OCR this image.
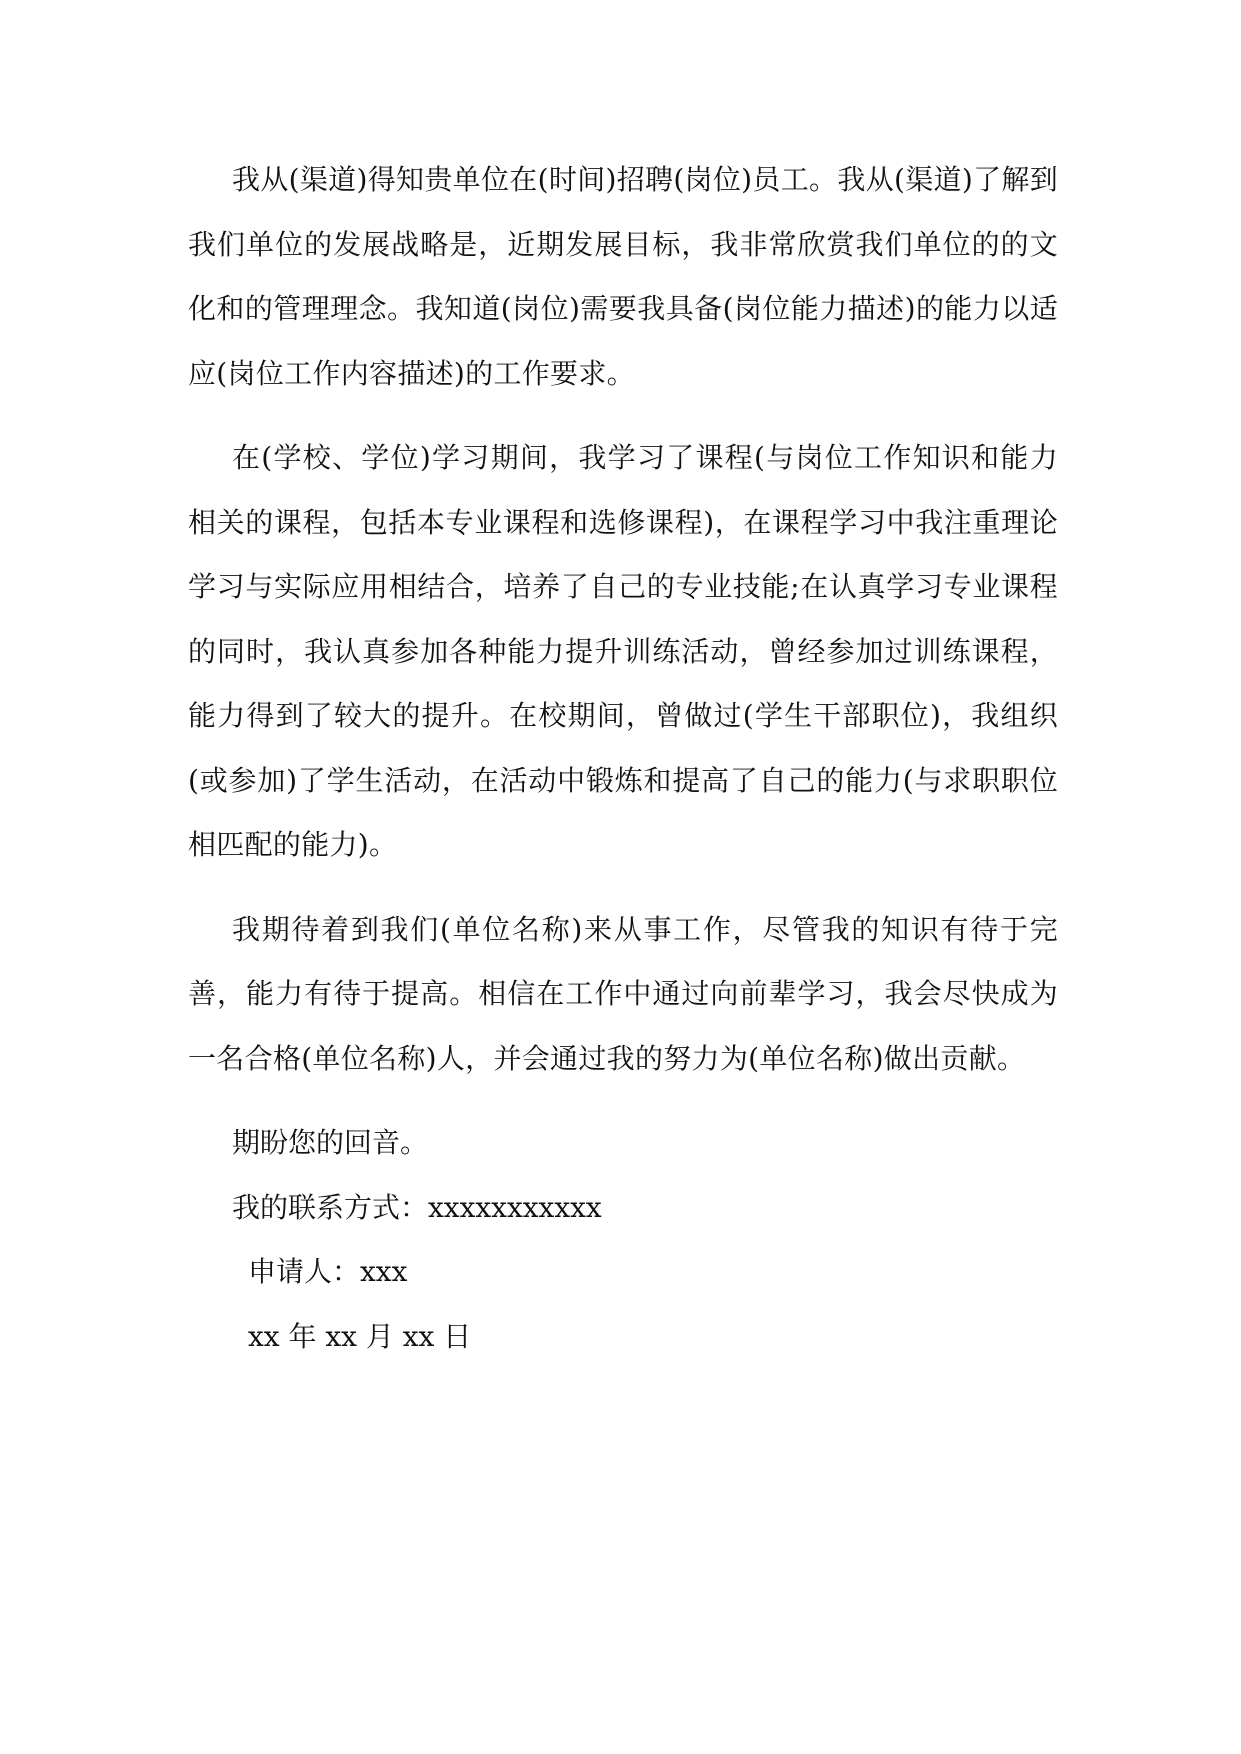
我从(渠道)得知贵单位在(时间)招聘(岗位)员工。我从(渠道)了解到我们单位的发展战略是，近期发展目标，我非常欣赏我们单位的的文化和的管理理念。我知道(岗位)需要我具备(岗位能力描述)的能力以适应(岗位工作内容描述)的工作要求。

在(学校、学位)学习期间，我学习了课程(与岗位工作知识和能力相关的课程，包括本专业课程和选修课程)，在课程学习中我注重理论学习与实际应用相结合，培养了自己的专业技能;在认真学习专业课程的同时，我认真参加各种能力提升训练活动，曾经参加过训练课程，能力得到了较大的提升。在校期间，曾做过(学生干部职位)，我组织(或参加)了学生活动，在活动中锻炼和提高了自己的能力(与求职职位相匹配的能力)。

我期待着到我们(单位名称)来从事工作，尽管我的知识有待于完善，能力有待于提高。相信在工作中通过向前辈学习，我会尽快成为一名合格(单位名称)人，并会通过我的努力为(单位名称)做出贡献。

期盼您的回音。

我的联系方式：xxxxxxxxxxx

申请人：xxx

xx 年 xx 月 xx 日
